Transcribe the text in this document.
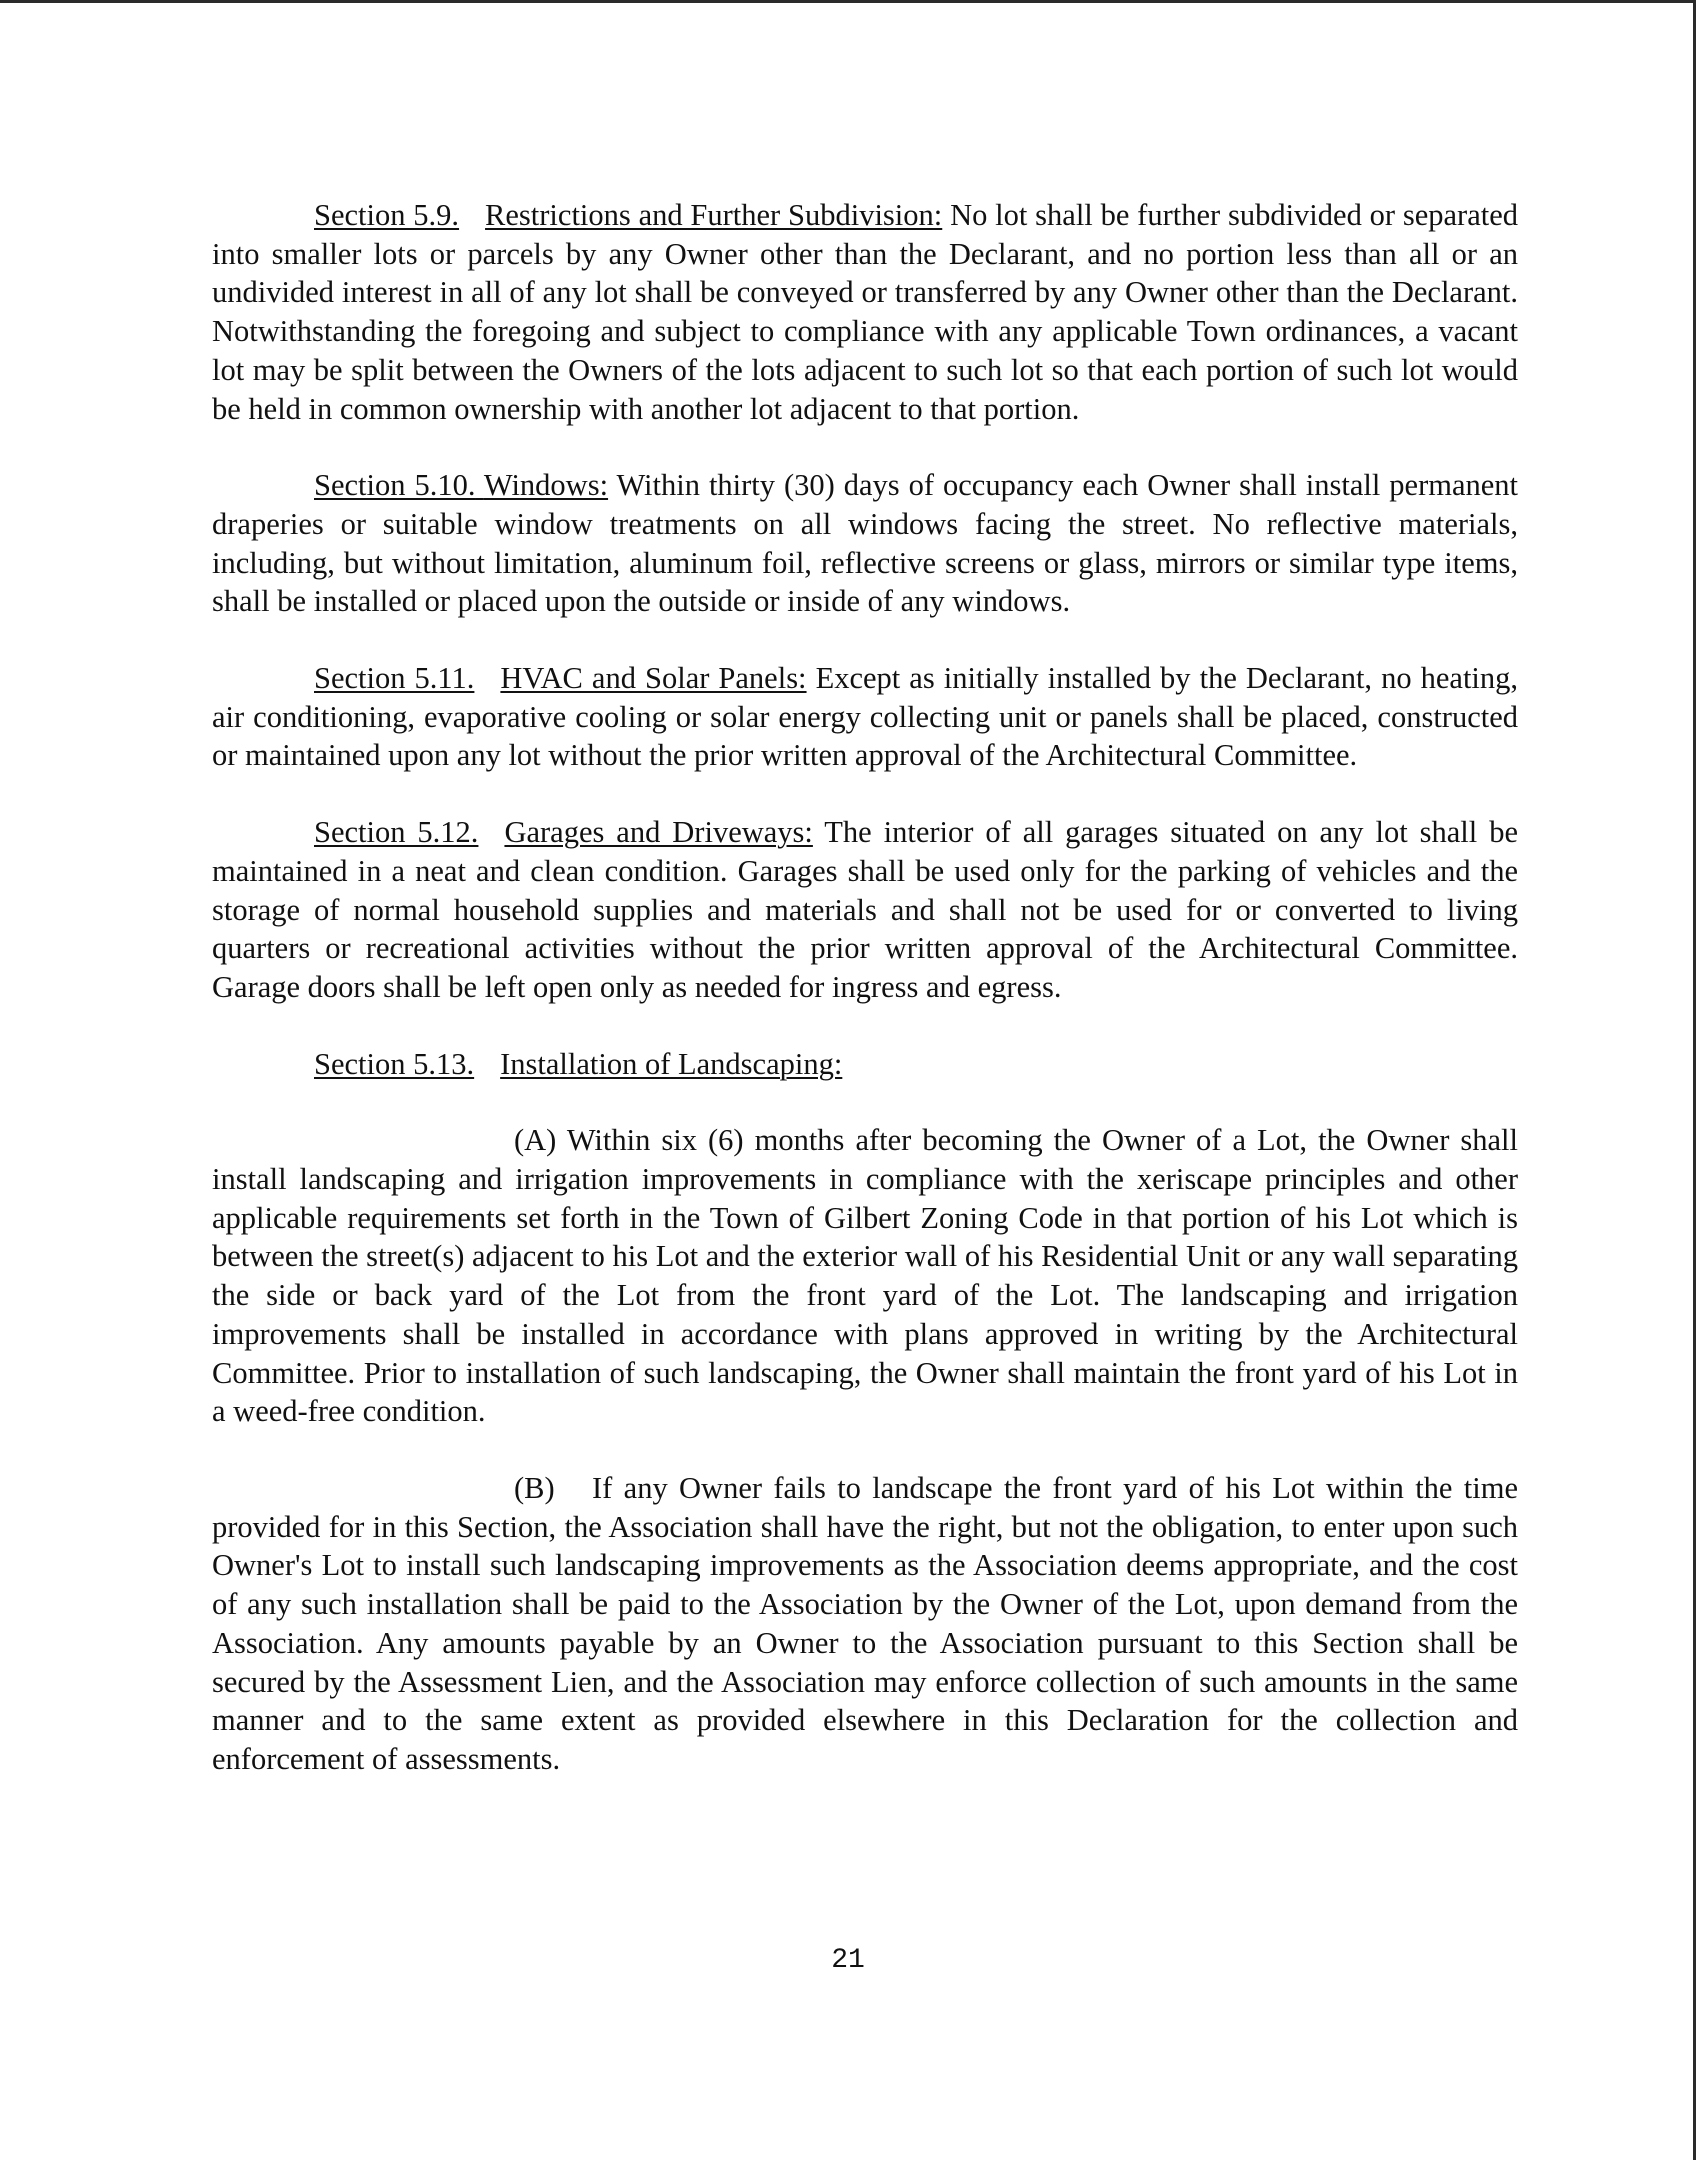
Section 5.9. Restrictions and Further Subdivision: No lot shall be further subdivided or separated into smaller lots or parcels by any Owner other than the Declarant, and no portion less than all or an undivided interest in all of any lot shall be conveyed or transferred by any Owner other than the Declarant. Notwithstanding the foregoing and subject to compliance with any applicable Town ordinances, a vacant lot may be split between the Owners of the lots adjacent to such lot so that each portion of such lot would be held in common ownership with another lot adjacent to that portion.

Section 5.10. Windows: Within thirty (30) days of occupancy each Owner shall install permanent draperies or suitable window treatments on all windows facing the street. No reflective materials, including, but without limitation, aluminum foil, reflective screens or glass, mirrors or similar type items, shall be installed or placed upon the outside or inside of any windows.

Section 5.11. HVAC and Solar Panels: Except as initially installed by the Declarant, no heating, air conditioning, evaporative cooling or solar energy collecting unit or panels shall be placed, constructed or maintained upon any lot without the prior written approval of the Architectural Committee.

Section 5.12. Garages and Driveways: The interior of all garages situated on any lot shall be maintained in a neat and clean condition. Garages shall be used only for the parking of vehicles and the storage of normal household supplies and materials and shall not be used for or converted to living quarters or recreational activities without the prior written approval of the Architectural Committee. Garage doors shall be left open only as needed for ingress and egress.

Section 5.13. Installation of Landscaping:

(A) Within six (6) months after becoming the Owner of a Lot, the Owner shall install landscaping and irrigation improvements in compliance with the xeriscape principles and other applicable requirements set forth in the Town of Gilbert Zoning Code in that portion of his Lot which is between the street(s) adjacent to his Lot and the exterior wall of his Residential Unit or any wall separating the side or back yard of the Lot from the front yard of the Lot. The landscaping and irrigation improvements shall be installed in accordance with plans approved in writing by the Architectural Committee. Prior to installation of such landscaping, the Owner shall maintain the front yard of his Lot in a weed-free condition.

(B) If any Owner fails to landscape the front yard of his Lot within the time provided for in this Section, the Association shall have the right, but not the obligation, to enter upon such Owner's Lot to install such landscaping improvements as the Association deems appropriate, and the cost of any such installation shall be paid to the Association by the Owner of the Lot, upon demand from the Association. Any amounts payable by an Owner to the Association pursuant to this Section shall be secured by the Assessment Lien, and the Association may enforce collection of such amounts in the same manner and to the same extent as provided elsewhere in this Declaration for the collection and enforcement of assessments.

21
